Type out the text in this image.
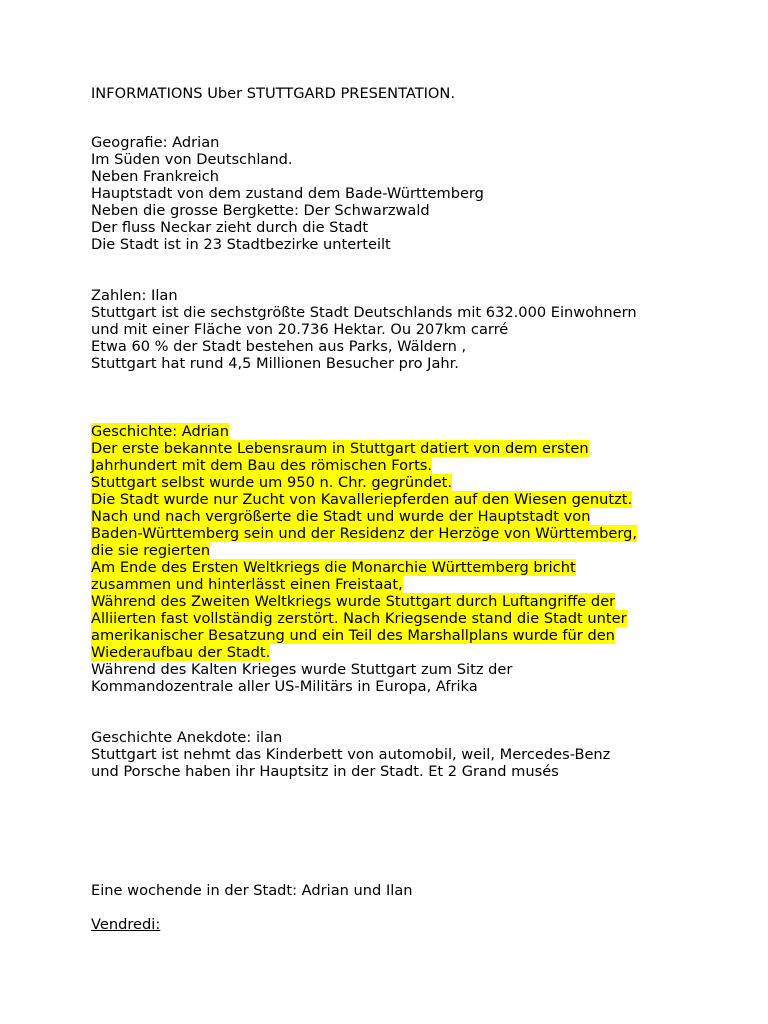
INFORMATIONS Uber STUTTGARD PRESENTATION.
Geografie: Adrian
Im Süden von Deutschland.
Neben Frankreich
Hauptstadt von dem zustand dem Bade-Württemberg
Neben die grosse Bergkette: Der Schwarzwald
Der fluss Neckar zieht durch die Stadt
Die Stadt ist in 23 Stadtbezirke unterteilt
Zahlen: Ilan
Stuttgart ist die sechstgrößte Stadt Deutschlands mit 632.000 Einwohnern
und mit einer Fläche von 20.736 Hektar. Ou 207km carré
Etwa 60 % der Stadt bestehen aus Parks, Wäldern ,
Stuttgart hat rund 4,5 Millionen Besucher pro Jahr.
Geschichte: Adrian
Der erste bekannte Lebensraum in Stuttgart datiert von dem ersten
Jahrhundert mit dem Bau des römischen Forts.
Stuttgart selbst wurde um 950 n. Chr. gegründet.
Die Stadt wurde nur Zucht von Kavalleriepferden auf den Wiesen genutzt.
Nach und nach vergrößerte die Stadt und wurde der Hauptstadt von
Baden-Württemberg sein und der Residenz der Herzöge von Württemberg,
die sie regierten
Am Ende des Ersten Weltkriegs die Monarchie Württemberg bricht
zusammen und hinterlässt einen Freistaat,
Während des Zweiten Weltkriegs wurde Stuttgart durch Luftangriffe der
Alliierten fast vollständig zerstört. Nach Kriegsende stand die Stadt unter
amerikanischer Besatzung und ein Teil des Marshallplans wurde für den
Wiederaufbau der Stadt.
Während des Kalten Krieges wurde Stuttgart zum Sitz der
Kommandozentrale aller US-Militärs in Europa, Afrika
Geschichte Anekdote: ilan
Stuttgart ist nehmt das Kinderbett von automobil, weil, Mercedes-Benz
und Porsche haben ihr Hauptsitz in der Stadt. Et 2 Grand musés
Eine wochende in der Stadt: Adrian und Ilan
Vendredi:
